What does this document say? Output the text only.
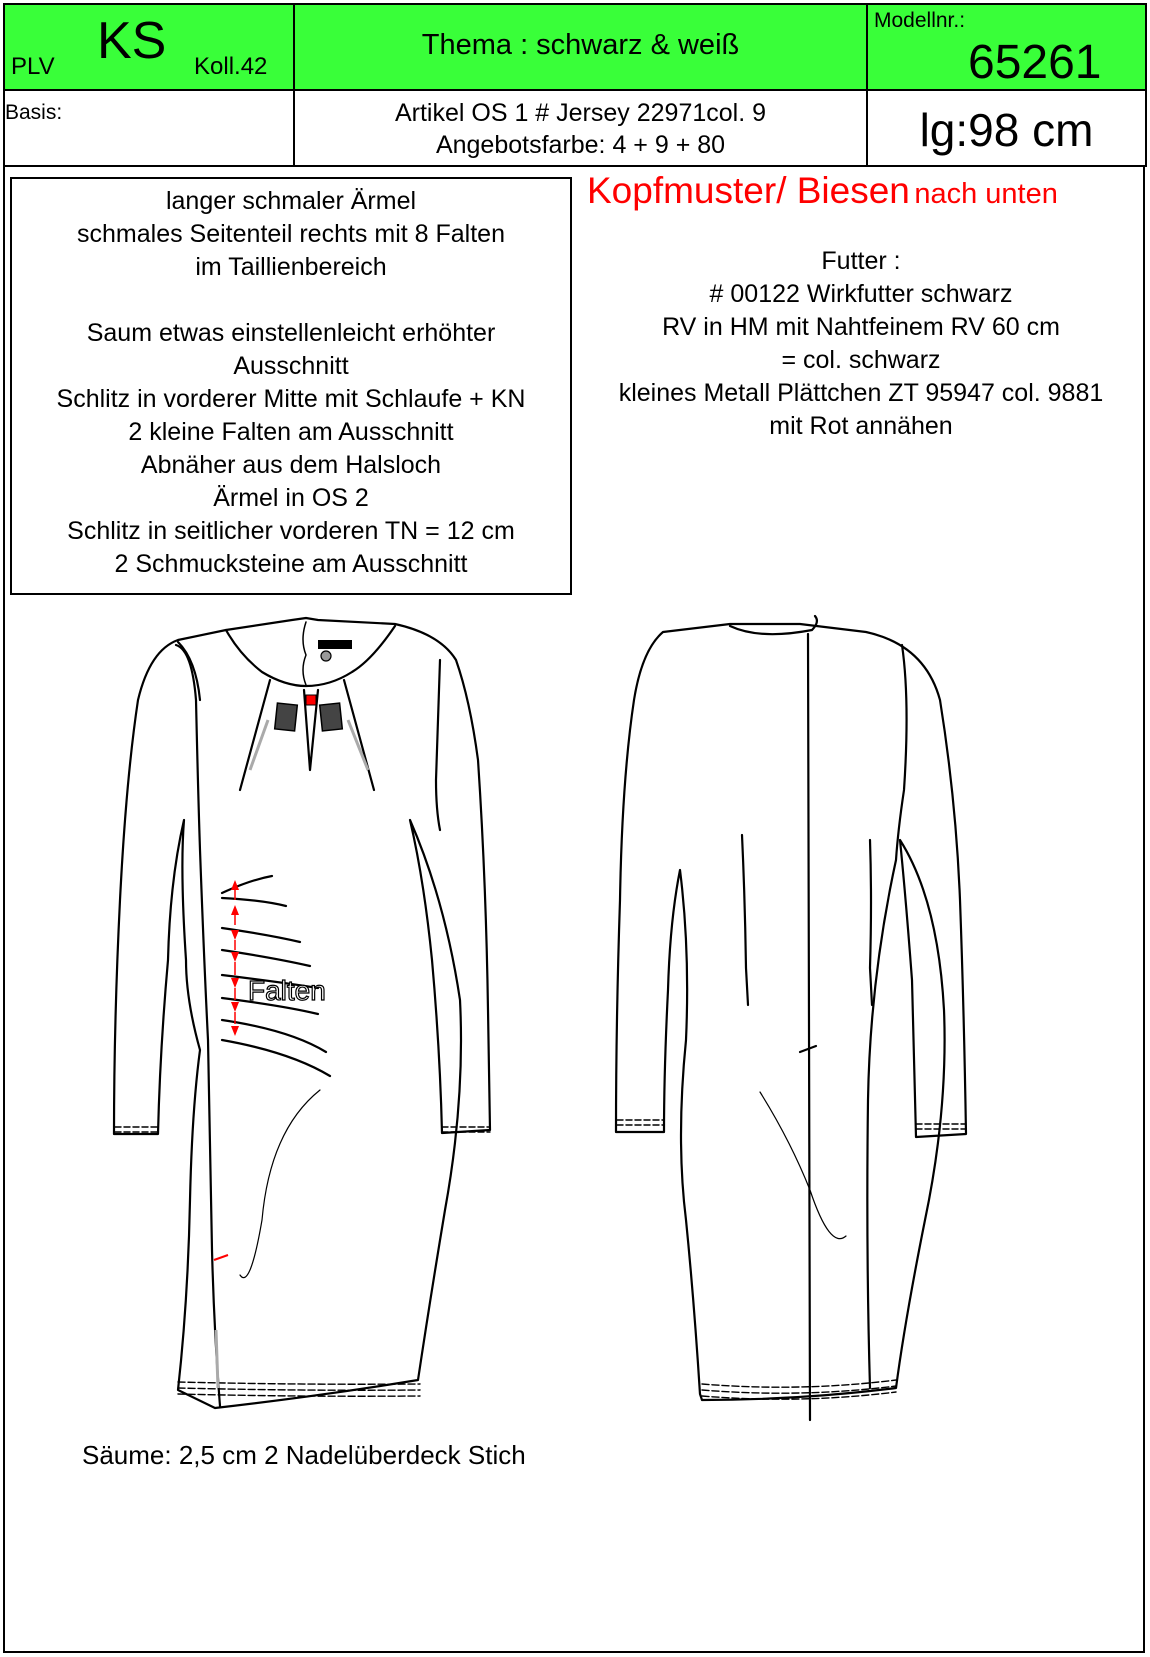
PLV KS Koll.42
Thema : schwarz & weiß
Modellnr.:
65261
Basis:	Artikel OS 1 # Jersey 22971col. 9
Angebotsfarbe: 4 + 9 + 80	lg:98 cm
langer schmaler Ärmel
schmales Seitenteil rechts mit 8 Falten
im Taillienbereich

Saum etwas einstellenleicht erhöhter
Ausschnitt
Schlitz in vorderer Mitte mit Schlaufe + KN
2 kleine Falten am Ausschnitt
Abnäher aus dem Halsloch
Ärmel in OS 2
Schlitz in seitlicher vorderen TN = 12 cm
2 Schmucksteine am Ausschnitt
Kopfmuster/ Biesen nach unten

Futter :
# 00122 Wirkfutter schwarz
RV in HM mit Nahtfeinem RV 60 cm
= col. schwarz
kleines Metall Plättchen ZT 95947 col. 9881
mit Rot annähen
Falten
Säume: 2,5 cm 2 Nadelüberdeck Stich
